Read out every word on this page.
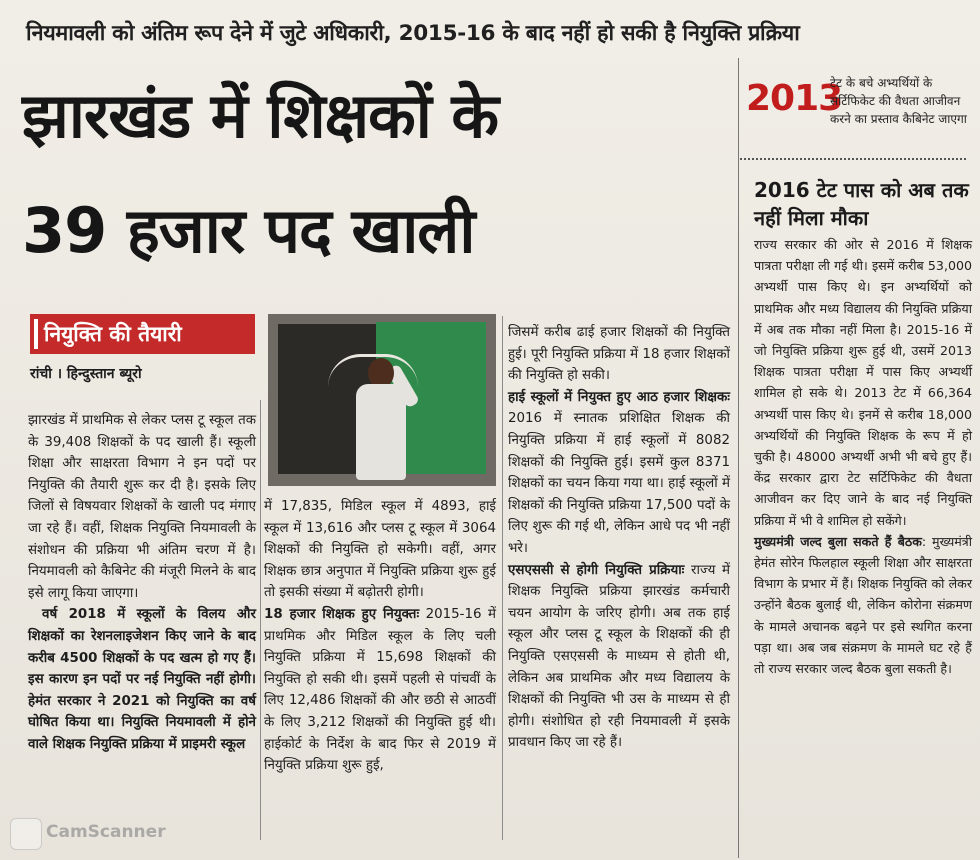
नियमावली को अंतिम रूप देने में जुटे अधिकारी, 2015-16 के बाद नहीं हो सकी है नियुक्ति प्रक्रिया
झारखंड में शिक्षकों के
39 हजार पद खाली
2013
टेट के बचे अभ्यर्थियों के सर्टिफिकेट की वैधता आजीवन करने का प्रस्ताव कैबिनेट जाएगा
2016 टेट पास को अब तक नहीं मिला मौका

राज्य सरकार की ओर से 2016 में शिक्षक पात्रता परीक्षा ली गई थी। इसमें करीब 53,000 अभ्यर्थी पास किए थे। इन अभ्यर्थियों को प्राथमिक और मध्य विद्यालय की नियुक्ति प्रक्रिया में अब तक मौका नहीं मिला है। 2015-16 में जो नियुक्ति प्रक्रिया शुरू हुई थी, उसमें 2013 शिक्षक पात्रता परीक्षा में पास किए अभ्यर्थी शामिल हो सके थे। 2013 टेट में 66,364 अभ्यर्थी पास किए थे। इनमें से करीब 18,000 अभ्यर्थियों की नियुक्ति शिक्षक के रूप में हो चुकी है। 48000 अभ्यर्थी अभी भी बचे हुए हैं। केंद्र सरकार द्वारा टेट सर्टिफिकेट की वैधता आजीवन कर दिए जाने के बाद नई नियुक्ति प्रक्रिया में भी वे शामिल हो सकेंगे।

मुख्यमंत्री जल्द बुला सकते हैं बैठक: मुख्यमंत्री हेमंत सोरेन फिलहाल स्कूली शिक्षा और साक्षरता विभाग के प्रभार में हैं। शिक्षक नियुक्ति को लेकर उन्होंने बैठक बुलाई थी, लेकिन कोरोना संक्रमण के मामले अचानक बढ़ने पर इसे स्थगित करना पड़ा था। अब जब संक्रमण के मामले घट रहे हैं तो राज्य सरकार जल्द बैठक बुला सकती है।

नियुक्ति की तैयारी
रांची । हिन्दुस्तान ब्यूरो

झारखंड में प्राथमिक से लेकर प्लस टू स्कूल तक के 39,408 शिक्षकों के पद खाली हैं। स्कूली शिक्षा और साक्षरता विभाग ने इन पदों पर नियुक्ति की तैयारी शुरू कर दी है। इसके लिए जिलों से विषयवार शिक्षकों के खाली पद मंगाए जा रहे हैं। वहीं, शिक्षक नियुक्ति नियमावली के संशोधन की प्रक्रिया भी अंतिम चरण में है। नियमावली को कैबिनेट की मंजूरी मिलने के बाद इसे लागू किया जाएगा।

वर्ष 2018 में स्कूलों के विलय और शिक्षकों का रेशनलाइजेशन किए जाने के बाद करीब 4500 शिक्षकों के पद खत्म हो गए हैं। इस कारण इन पदों पर नई नियुक्ति नहीं होगी। हेमंत सरकार ने 2021 को नियुक्ति का वर्ष घोषित किया था। नियुक्ति नियमावली में होने वाले शिक्षक नियुक्ति प्रक्रिया में प्राइमरी स्कूल

में 17,835, मिडिल स्कूल में 4893, हाई स्कूल में 13,616 और प्लस टू स्कूल में 3064 शिक्षकों की नियुक्ति हो सकेगी। वहीं, अगर शिक्षक छात्र अनुपात में नियुक्ति प्रक्रिया शुरू हुई तो इसकी संख्या में बढ़ोतरी होगी।

18 हजार शिक्षक हुए नियुक्तः 2015-16 में प्राथमिक और मिडिल स्कूल के लिए चली नियुक्ति प्रक्रिया में 15,698 शिक्षकों की नियुक्ति हो सकी थी। इसमें पहली से पांचवीं के लिए 12,486 शिक्षकों की और छठी से आठवीं के लिए 3,212 शिक्षकों की नियुक्ति हुई थी। हाईकोर्ट के निर्देश के बाद फिर से 2019 में नियुक्ति प्रक्रिया शुरू हुई,

जिसमें करीब ढाई हजार शिक्षकों की नियुक्ति हुई। पूरी नियुक्ति प्रक्रिया में 18 हजार शिक्षकों की नियुक्ति हो सकी।

हाई स्कूलों में नियुक्त हुए आठ हजार शिक्षकः 2016 में स्नातक प्रशिक्षित शिक्षक की नियुक्ति प्रक्रिया में हाई स्कूलों में 8082 शिक्षकों की नियुक्ति हुई। इसमें कुल 8371 शिक्षकों का चयन किया गया था। हाई स्कूलों में शिक्षकों की नियुक्ति प्रक्रिया 17,500 पदों के लिए शुरू की गई थी, लेकिन आधे पद भी नहीं भरे।

एसएससी से होगी नियुक्ति प्रक्रियाः राज्य में शिक्षक नियुक्ति प्रक्रिया झारखंड कर्मचारी चयन आयोग के जरिए होगी। अब तक हाई स्कूल और प्लस टू स्कूल के शिक्षकों की ही नियुक्ति एसएससी के माध्यम से होती थी, लेकिन अब प्राथमिक और मध्य विद्यालय के शिक्षकों की नियुक्ति भी उस के माध्यम से ही होगी। संशोधित हो रही नियमावली में इसके प्रावधान किए जा रहे हैं।

CamScanner
